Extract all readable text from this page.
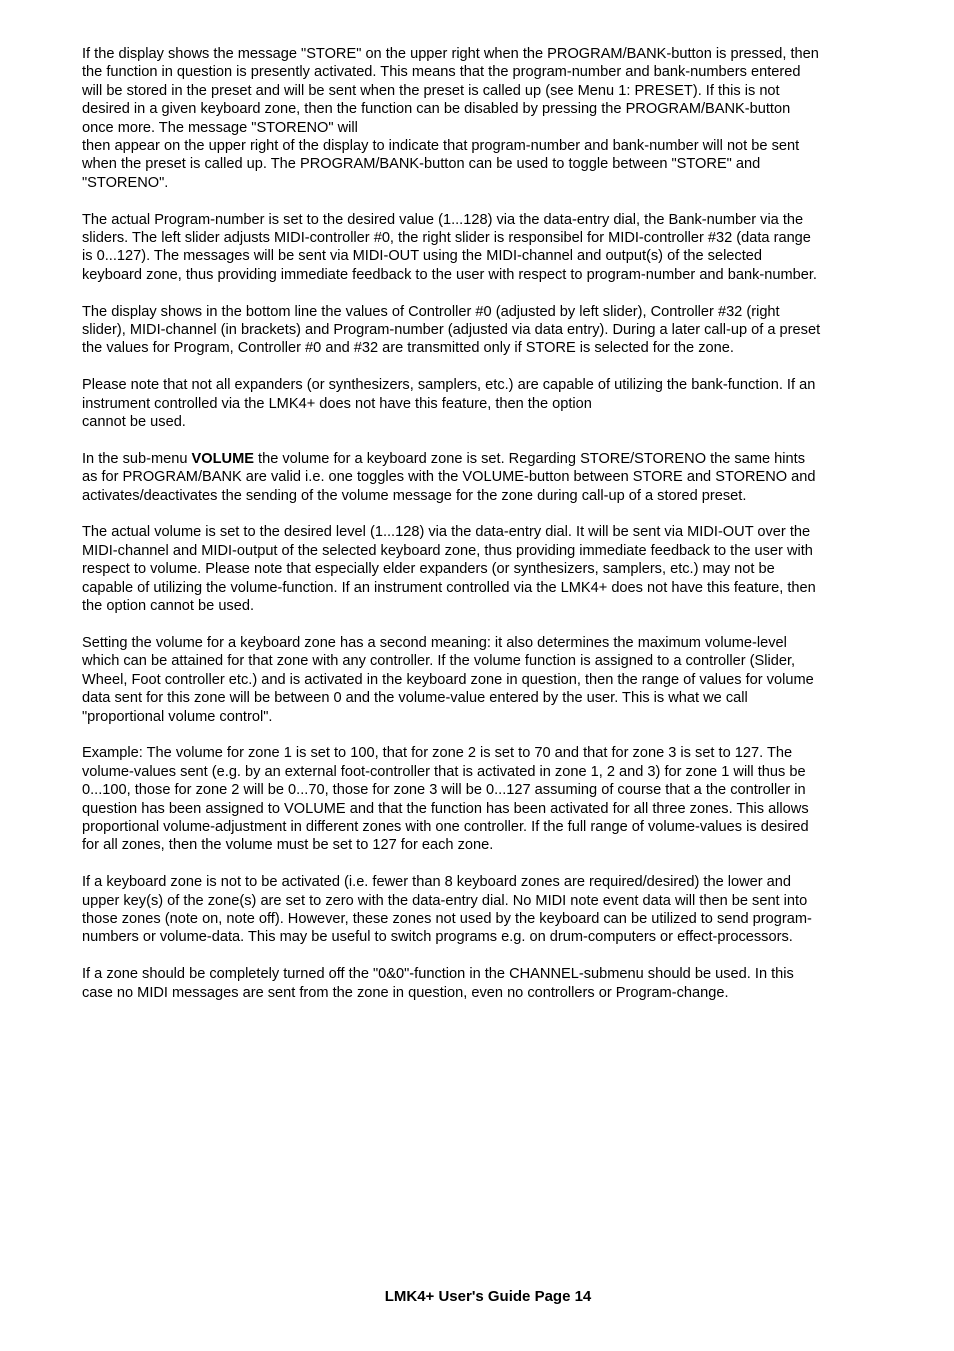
If the display shows the message "STORE" on the upper right when the PROGRAM/BANK-button is pressed, then
the function in question is presently activated. This means that the program-number and bank-numbers entered
will be stored in the preset and will be sent when the preset is called up (see Menu 1: PRESET). If this is not
desired in a given keyboard zone, then the function can be disabled by pressing the PROGRAM/BANK-button
once more. The message "STORENO" will
then appear on the upper right of the display to indicate that program-number and bank-number will not be sent
when the preset is called up. The PROGRAM/BANK-button can be used to toggle between "STORE" and
"STORENO".

The actual Program-number is set to the desired value (1...128) via the data-entry dial, the Bank-number via the
sliders. The left slider adjusts MIDI-controller #0, the right slider is responsibel for MIDI-controller #32 (data range
is 0...127). The messages will be sent via MIDI-OUT using the MIDI-channel and output(s) of the selected
keyboard zone, thus providing immediate feedback to the user with respect to program-number and bank-number.

The display shows in the bottom line the values of Controller #0 (adjusted by left slider), Controller #32 (right
slider), MIDI-channel (in brackets) and Program-number (adjusted via data entry). During a later call-up of a preset
the values for Program, Controller #0 and #32 are transmitted only if STORE is selected for the zone.

Please note that not all expanders (or synthesizers, samplers, etc.) are capable of utilizing the bank-function. If an
instrument controlled via the LMK4+ does not have this feature, then the option
cannot be used.

In the sub-menu VOLUME the volume for a keyboard zone is set. Regarding STORE/STORENO the same hints
as for PROGRAM/BANK are valid i.e. one toggles with the VOLUME-button between STORE and STORENO and
activates/deactivates the sending of the volume message for the zone during call-up of a stored preset.

The actual volume is set to the desired level (1...128) via the data-entry dial. It will be sent via MIDI-OUT over the
MIDI-channel and MIDI-output of the selected keyboard zone, thus providing immediate feedback to the user with
respect to volume. Please note that especially elder expanders (or synthesizers, samplers, etc.) may not be
capable of utilizing the volume-function. If an instrument controlled via the LMK4+ does not have this feature, then
the option cannot be used.

Setting the volume for a keyboard zone has a second meaning: it also determines the maximum volume-level
which can be attained for that zone with any controller. If the volume function is assigned to a controller (Slider,
Wheel, Foot controller etc.) and is activated in the keyboard zone in question, then the range of values for volume
data sent for this zone will be between 0 and the volume-value entered by the user. This is what we call
"proportional volume control".

Example: The volume for zone 1 is set to 100, that for zone 2 is set to 70 and that for zone 3 is set to 127. The
volume-values sent (e.g. by an external foot-controller that is activated in zone 1, 2 and 3) for zone 1 will thus be
0...100, those for zone 2 will be 0...70, those for zone 3 will be 0...127 assuming of course that a the controller in
question has been assigned to VOLUME and that the function has been activated for all three zones. This allows
proportional volume-adjustment in different zones with one controller. If the full range of volume-values is desired
for all zones, then the volume must be set to 127 for each zone.

If a keyboard zone is not to be activated (i.e. fewer than 8 keyboard zones are required/desired) the lower and
upper key(s) of the zone(s) are set to zero with the data-entry dial. No MIDI note event data will then be sent into
those zones (note on, note off). However, these zones not used by the keyboard can be utilized to send program-
numbers or volume-data. This may be useful to switch programs e.g. on drum-computers or effect-processors.

If a zone should be completely turned off the "0&0"-function in the CHANNEL-submenu should be used. In this
case no MIDI messages are sent from the zone in question, even no controllers or Program-change.

LMK4+ User's Guide Page 14
